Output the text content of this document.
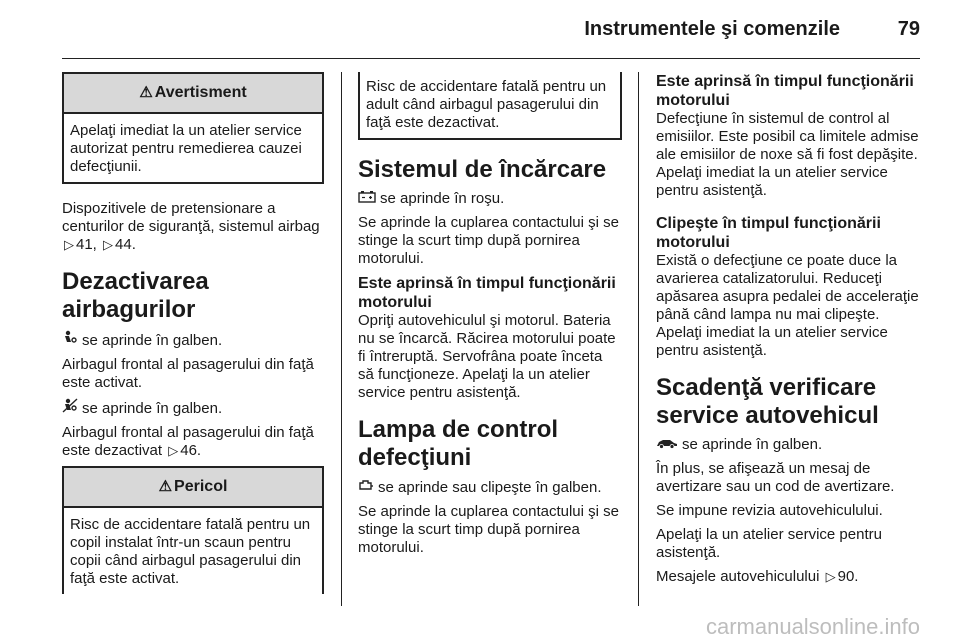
Instrumentele şi comenzile	79
⚠ Avertisment
Apelaţi imediat la un atelier service autorizat pentru remedierea cauzei defecţiunii.

Dispozitivele de pretensionare a centurilor de siguranţă, sistemul airbag ▷ 41, ▷ 44.

Dezactivarea airbagurilor

se aprinde în galben.

Airbagul frontal al pasagerului din faţă este activat.

se aprinde în galben.

Airbagul frontal al pasagerului din faţă este dezactivat ▷ 46.

⚠ Pericol
Risc de accidentare fatală pentru un copil instalat într-un scaun pentru copii când airbagul pasagerului din faţă este activat.
Risc de accidentare fatală pentru un adult când airbagul pasagerului din faţă este dezactivat.
Sistemul de încărcare

se aprinde în roşu.

Se aprinde la cuplarea contactului şi se stinge la scurt timp după pornirea motorului.

Este aprinsă în timpul funcţionării motorului

Opriţi autovehiculul şi motorul. Bateria nu se încarcă. Răcirea motorului poate fi întreruptă. Servofrâna poate înceta să funcţioneze. Apelaţi la un atelier service pentru asistenţă.

Lampa de control defecţiuni

se aprinde sau clipeşte în galben.

Se aprinde la cuplarea contactului şi se stinge la scurt timp după pornirea motorului.

Este aprinsă în timpul funcţionării motorului

Defecţiune în sistemul de control al emisiilor. Este posibil ca limitele admise ale emisiilor de noxe să fi fost depăşite. Apelaţi imediat la un atelier service pentru asistenţă.

Clipeşte în timpul funcţionării motorului

Există o defecţiune ce poate duce la avarierea catalizatorului. Reduceţi apăsarea asupra pedalei de acceleraţie până când lampa nu mai clipeşte. Apelaţi imediat la un atelier service pentru asistenţă.

Scadenţă verificare service autovehicul

se aprinde în galben.

În plus, se afişează un mesaj de avertizare sau un cod de avertizare.

Se impune revizia autovehiculului.

Apelaţi la un atelier service pentru asistenţă.

Mesajele autovehiculului ▷ 90.

carmanualsonline.info
